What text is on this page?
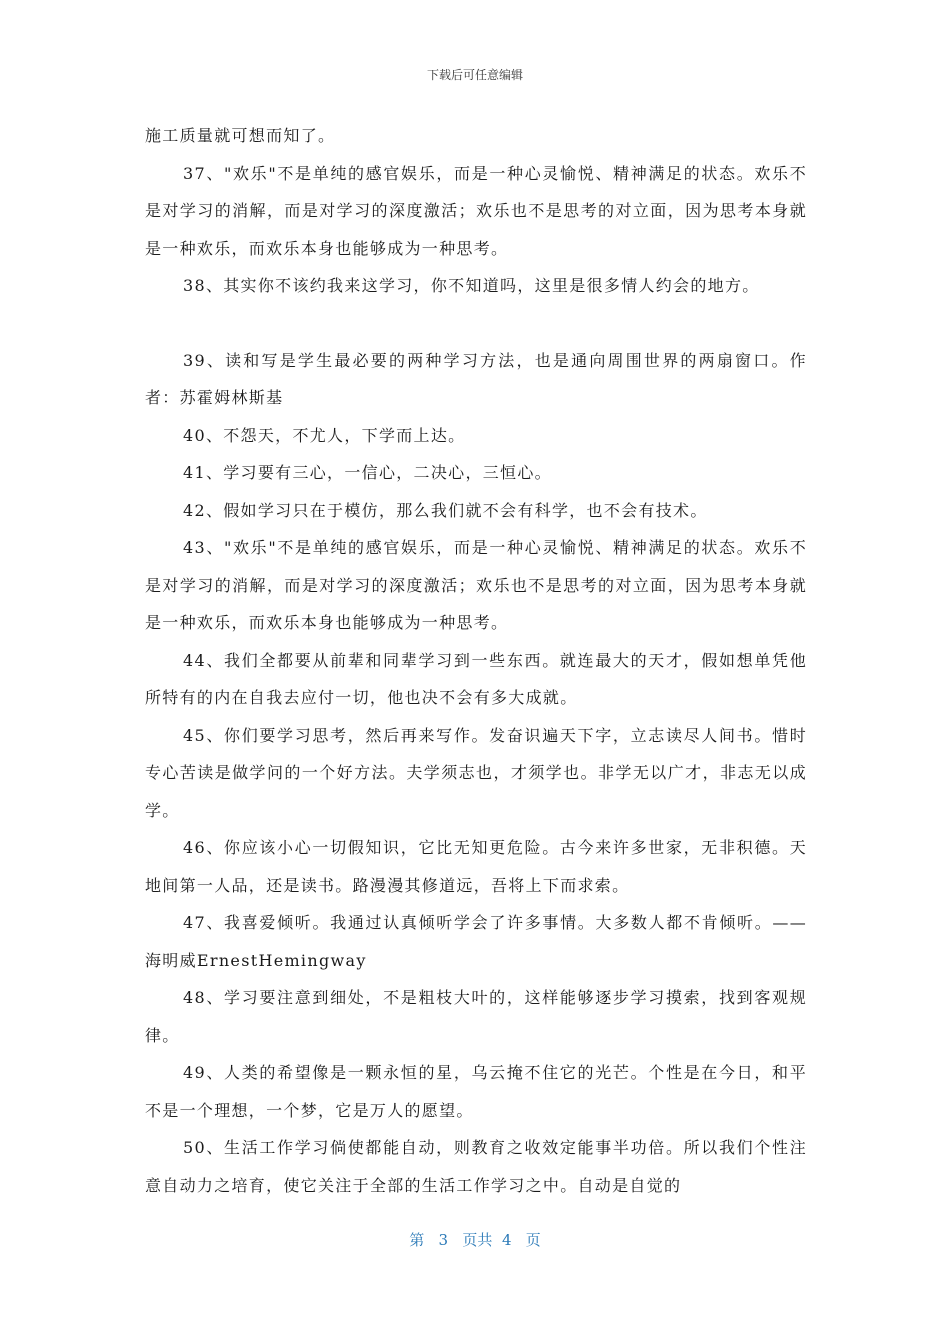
下载后可任意编辑

施工质量就可想而知了。

37、"欢乐"不是单纯的感官娱乐，而是一种心灵愉悦、精神满足的状态。欢乐不是对学习的消解，而是对学习的深度激活；欢乐也不是思考的对立面，因为思考本身就是一种欢乐，而欢乐本身也能够成为一种思考。

38、其实你不该约我来这学习，你不知道吗，这里是很多情人约会的地方。

39、读和写是学生最必要的两种学习方法，也是通向周围世界的两扇窗口。作者：苏霍姆林斯基

40、不怨天，不尤人，下学而上达。

41、学习要有三心，一信心，二决心，三恒心。

42、假如学习只在于模仿，那么我们就不会有科学，也不会有技术。

43、"欢乐"不是单纯的感官娱乐，而是一种心灵愉悦、精神满足的状态。欢乐不是对学习的消解，而是对学习的深度激活；欢乐也不是思考的对立面，因为思考本身就是一种欢乐，而欢乐本身也能够成为一种思考。

44、我们全都要从前辈和同辈学习到一些东西。就连最大的天才，假如想单凭他所特有的内在自我去应付一切，他也决不会有多大成就。

45、你们要学习思考，然后再来写作。发奋识遍天下字，立志读尽人间书。惜时专心苦读是做学问的一个好方法。夫学须志也，才须学也。非学无以广才，非志无以成学。

46、你应该小心一切假知识，它比无知更危险。古今来许多世家，无非积德。天地间第一人品，还是读书。路漫漫其修道远，吾将上下而求索。

47、我喜爱倾听。我通过认真倾听学会了许多事情。大多数人都不肯倾听。——海明威ErnestHemingway

48、学习要注意到细处，不是粗枝大叶的，这样能够逐步学习摸索，找到客观规律。

49、人类的希望像是一颗永恒的星，乌云掩不住它的光芒。个性是在今日，和平不是一个理想，一个梦，它是万人的愿望。

50、生活工作学习倘使都能自动，则教育之收效定能事半功倍。所以我们个性注意自动力之培育，使它关注于全部的生活工作学习之中。自动是自觉的

第 3 页共 4 页
